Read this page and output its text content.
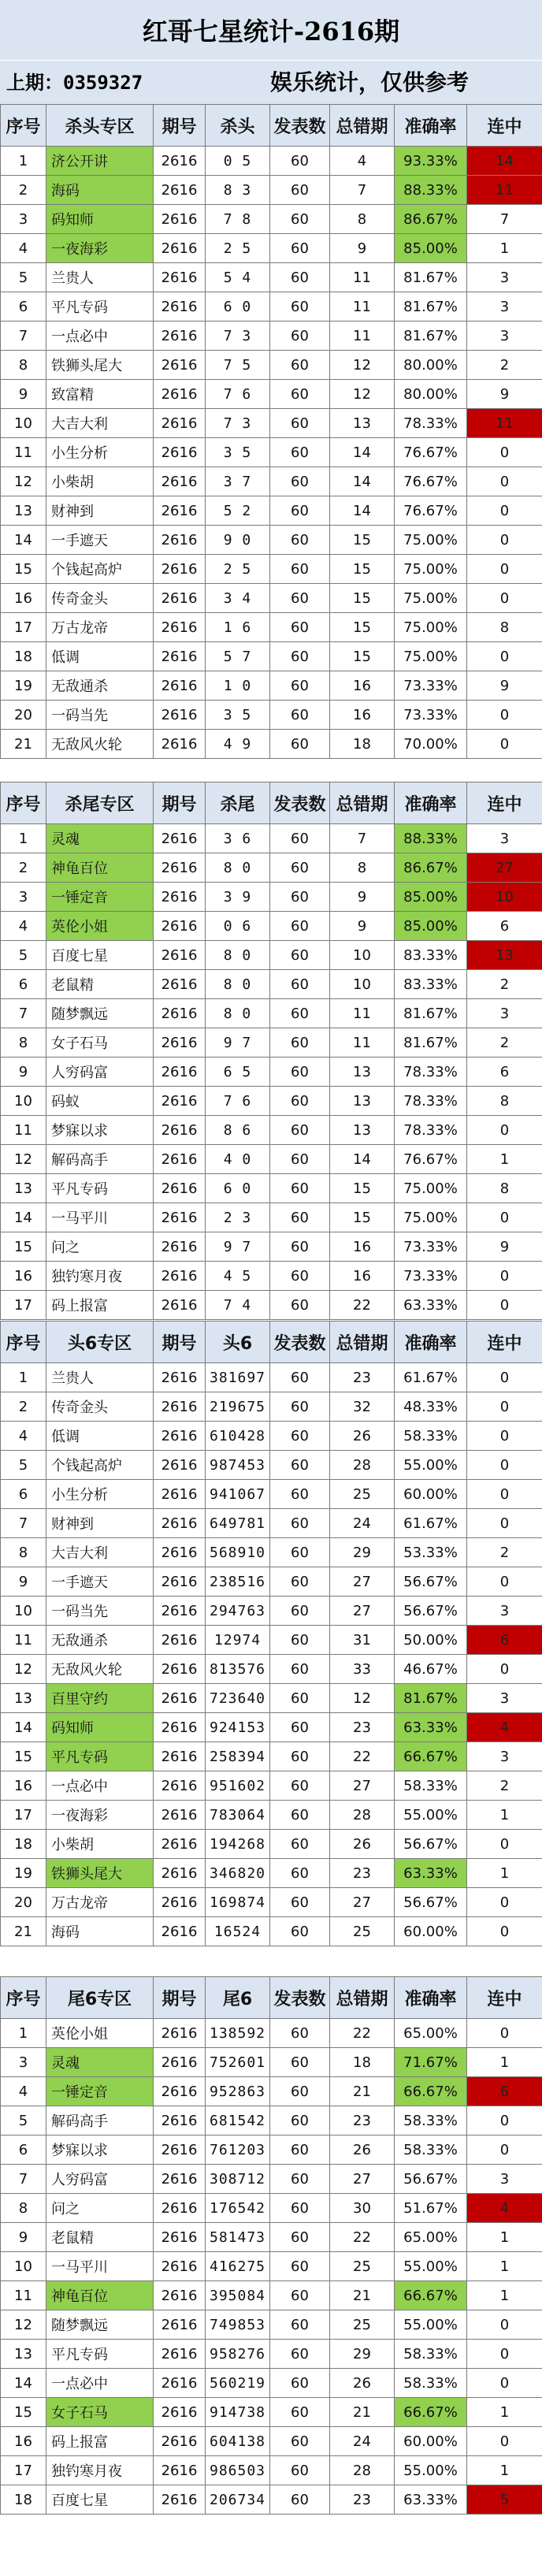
红哥七星统计-2616期
上期：0359327	娱乐统计，仅供参考
序号	杀头专区	期号	杀头	发表数	总错期	准确率	连中
1	济公开讲	2616	0 5	60	4	93.33%	14
2	海码	2616	8 3	60	7	88.33%	11
3	码知师	2616	7 8	60	8	86.67%	7
4	一夜海彩	2616	2 5	60	9	85.00%	1
5	兰贵人	2616	5 4	60	11	81.67%	3
6	平凡专码	2616	6 0	60	11	81.67%	3
7	一点必中	2616	7 3	60	11	81.67%	3
8	铁狮头尾大	2616	7 5	60	12	80.00%	2
9	致富精	2616	7 6	60	12	80.00%	9
10	大吉大利	2616	7 3	60	13	78.33%	11
11	小生分析	2616	3 5	60	14	76.67%	0
12	小柴胡	2616	3 7	60	14	76.67%	0
13	财神到	2616	5 2	60	14	76.67%	0
14	一手遮天	2616	9 0	60	15	75.00%	0
15	个钱起高炉	2616	2 5	60	15	75.00%	0
16	传奇金头	2616	3 4	60	15	75.00%	0
17	万古龙帝	2616	1 6	60	15	75.00%	8
18	低调	2616	5 7	60	15	75.00%	0
19	无敌通杀	2616	1 0	60	16	73.33%	9
20	一码当先	2616	3 5	60	16	73.33%	0
21	无敌风火轮	2616	4 9	60	18	70.00%	0
序号	杀尾专区	期号	杀尾	发表数	总错期	准确率	连中
1	灵魂	2616	3 6	60	7	88.33%	3
2	神龟百位	2616	8 0	60	8	86.67%	27
3	一锤定音	2616	3 9	60	9	85.00%	10
4	英伦小姐	2616	0 6	60	9	85.00%	6
5	百度七星	2616	8 0	60	10	83.33%	13
6	老鼠精	2616	8 0	60	10	83.33%	2
7	随梦飘远	2616	8 0	60	11	81.67%	3
8	女子石马	2616	9 7	60	11	81.67%	2
9	人穷码富	2616	6 5	60	13	78.33%	6
10	码蚁	2616	7 6	60	13	78.33%	8
11	梦寐以求	2616	8 6	60	13	78.33%	0
12	解码高手	2616	4 0	60	14	76.67%	1
13	平凡专码	2616	6 0	60	15	75.00%	8
14	一马平川	2616	2 3	60	15	75.00%	0
15	问之	2616	9 7	60	16	73.33%	9
16	独钓寒月夜	2616	4 5	60	16	73.33%	0
17	码上报富	2616	7 4	60	22	63.33%	0
序号	头6专区	期号	头6	发表数	总错期	准确率	连中
1	兰贵人	2616	381697	60	23	61.67%	0
2	传奇金头	2616	219675	60	32	48.33%	0
4	低调	2616	610428	60	26	58.33%	0
5	个钱起高炉	2616	987453	60	28	55.00%	0
6	小生分析	2616	941067	60	25	60.00%	0
7	财神到	2616	649781	60	24	61.67%	0
8	大吉大利	2616	568910	60	29	53.33%	2
9	一手遮天	2616	238516	60	27	56.67%	0
10	一码当先	2616	294763	60	27	56.67%	3
11	无敌通杀	2616	12974	60	31	50.00%	6
12	无敌风火轮	2616	813576	60	33	46.67%	0
13	百里守约	2616	723640	60	12	81.67%	3
14	码知师	2616	924153	60	23	63.33%	4
15	平凡专码	2616	258394	60	22	66.67%	3
16	一点必中	2616	951602	60	27	58.33%	2
17	一夜海彩	2616	783064	60	28	55.00%	1
18	小柴胡	2616	194268	60	26	56.67%	0
19	铁狮头尾大	2616	346820	60	23	63.33%	1
20	万古龙帝	2616	169874	60	27	56.67%	0
21	海码	2616	16524	60	25	60.00%	0
序号	尾6专区	期号	尾6	发表数	总错期	准确率	连中
1	英伦小姐	2616	138592	60	22	65.00%	0
3	灵魂	2616	752601	60	18	71.67%	1
4	一锤定音	2616	952863	60	21	66.67%	6
5	解码高手	2616	681542	60	23	58.33%	0
6	梦寐以求	2616	761203	60	26	58.33%	0
7	人穷码富	2616	308712	60	27	56.67%	3
8	问之	2616	176542	60	30	51.67%	4
9	老鼠精	2616	581473	60	22	65.00%	1
10	一马平川	2616	416275	60	25	55.00%	1
11	神龟百位	2616	395084	60	21	66.67%	1
12	随梦飘远	2616	749853	60	25	55.00%	0
13	平凡专码	2616	958276	60	29	58.33%	0
14	一点必中	2616	560219	60	26	58.33%	0
15	女子石马	2616	914738	60	21	66.67%	1
16	码上报富	2616	604138	60	24	60.00%	0
17	独钓寒月夜	2616	986503	60	28	55.00%	1
18	百度七星	2616	206734	60	23	63.33%	5
